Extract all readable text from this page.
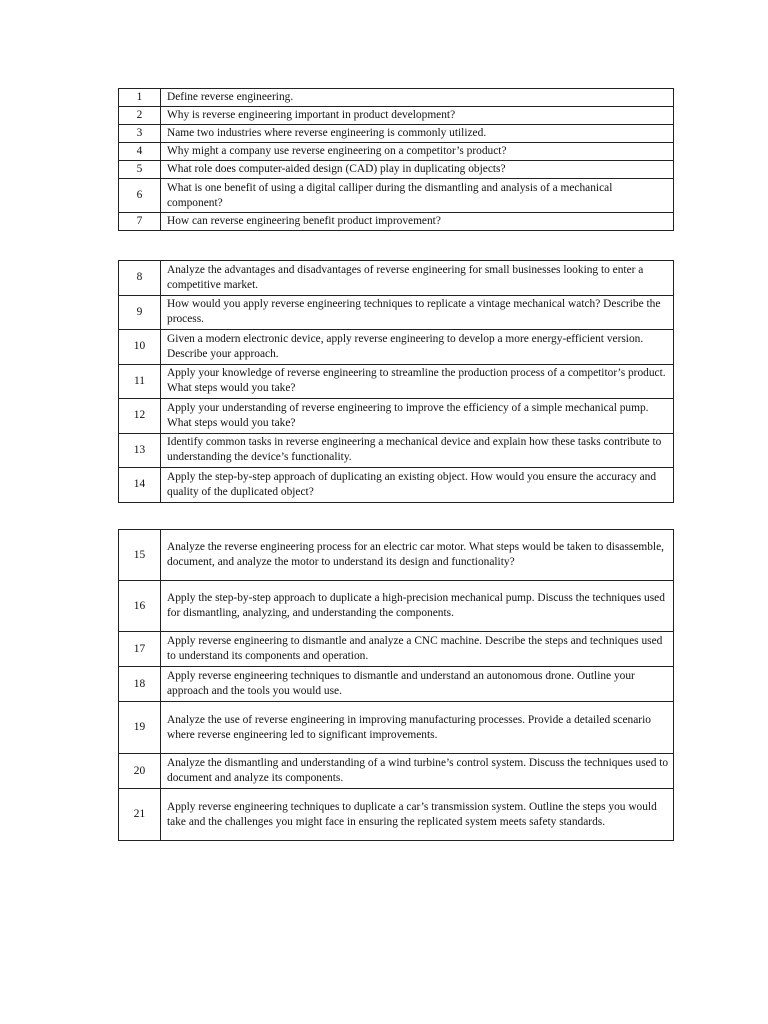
1	Define reverse engineering.
2	Why is reverse engineering important in product development?
3	Name two industries where reverse engineering is commonly utilized.
4	Why might a company use reverse engineering on a competitor’s product?
5	What role does computer-aided design (CAD) play in duplicating objects?
6	What is one benefit of using a digital calliper during the dismantling and analysis of a mechanical component?
7	How can reverse engineering benefit product improvement?
8	Analyze the advantages and disadvantages of reverse engineering for small businesses looking to enter a competitive market.
9	How would you apply reverse engineering techniques to replicate a vintage mechanical watch? Describe the process.
10	Given a modern electronic device, apply reverse engineering to develop a more energy-efficient version. Describe your approach.
11	Apply your knowledge of reverse engineering to streamline the production process of a competitor’s product. What steps would you take?
12	Apply your understanding of reverse engineering to improve the efficiency of a simple mechanical pump. What steps would you take?
13	Identify common tasks in reverse engineering a mechanical device and explain how these tasks contribute to understanding the device’s functionality.
14	Apply the step-by-step approach of duplicating an existing object. How would you ensure the accuracy and quality of the duplicated object?
15	Analyze the reverse engineering process for an electric car motor. What steps would be taken to disassemble, document, and analyze the motor to understand its design and functionality?
16	Apply the step-by-step approach to duplicate a high-precision mechanical pump. Discuss the techniques used for dismantling, analyzing, and understanding the components.
17	Apply reverse engineering to dismantle and analyze a CNC machine. Describe the steps and techniques used to understand its components and operation.
18	Apply reverse engineering techniques to dismantle and understand an autonomous drone. Outline your approach and the tools you would use.
19	Analyze the use of reverse engineering in improving manufacturing processes. Provide a detailed scenario where reverse engineering led to significant improvements.
20	Analyze the dismantling and understanding of a wind turbine’s control system. Discuss the techniques used to document and analyze its components.
21	Apply reverse engineering techniques to duplicate a car’s transmission system. Outline the steps you would take and the challenges you might face in ensuring the replicated system meets safety standards.
